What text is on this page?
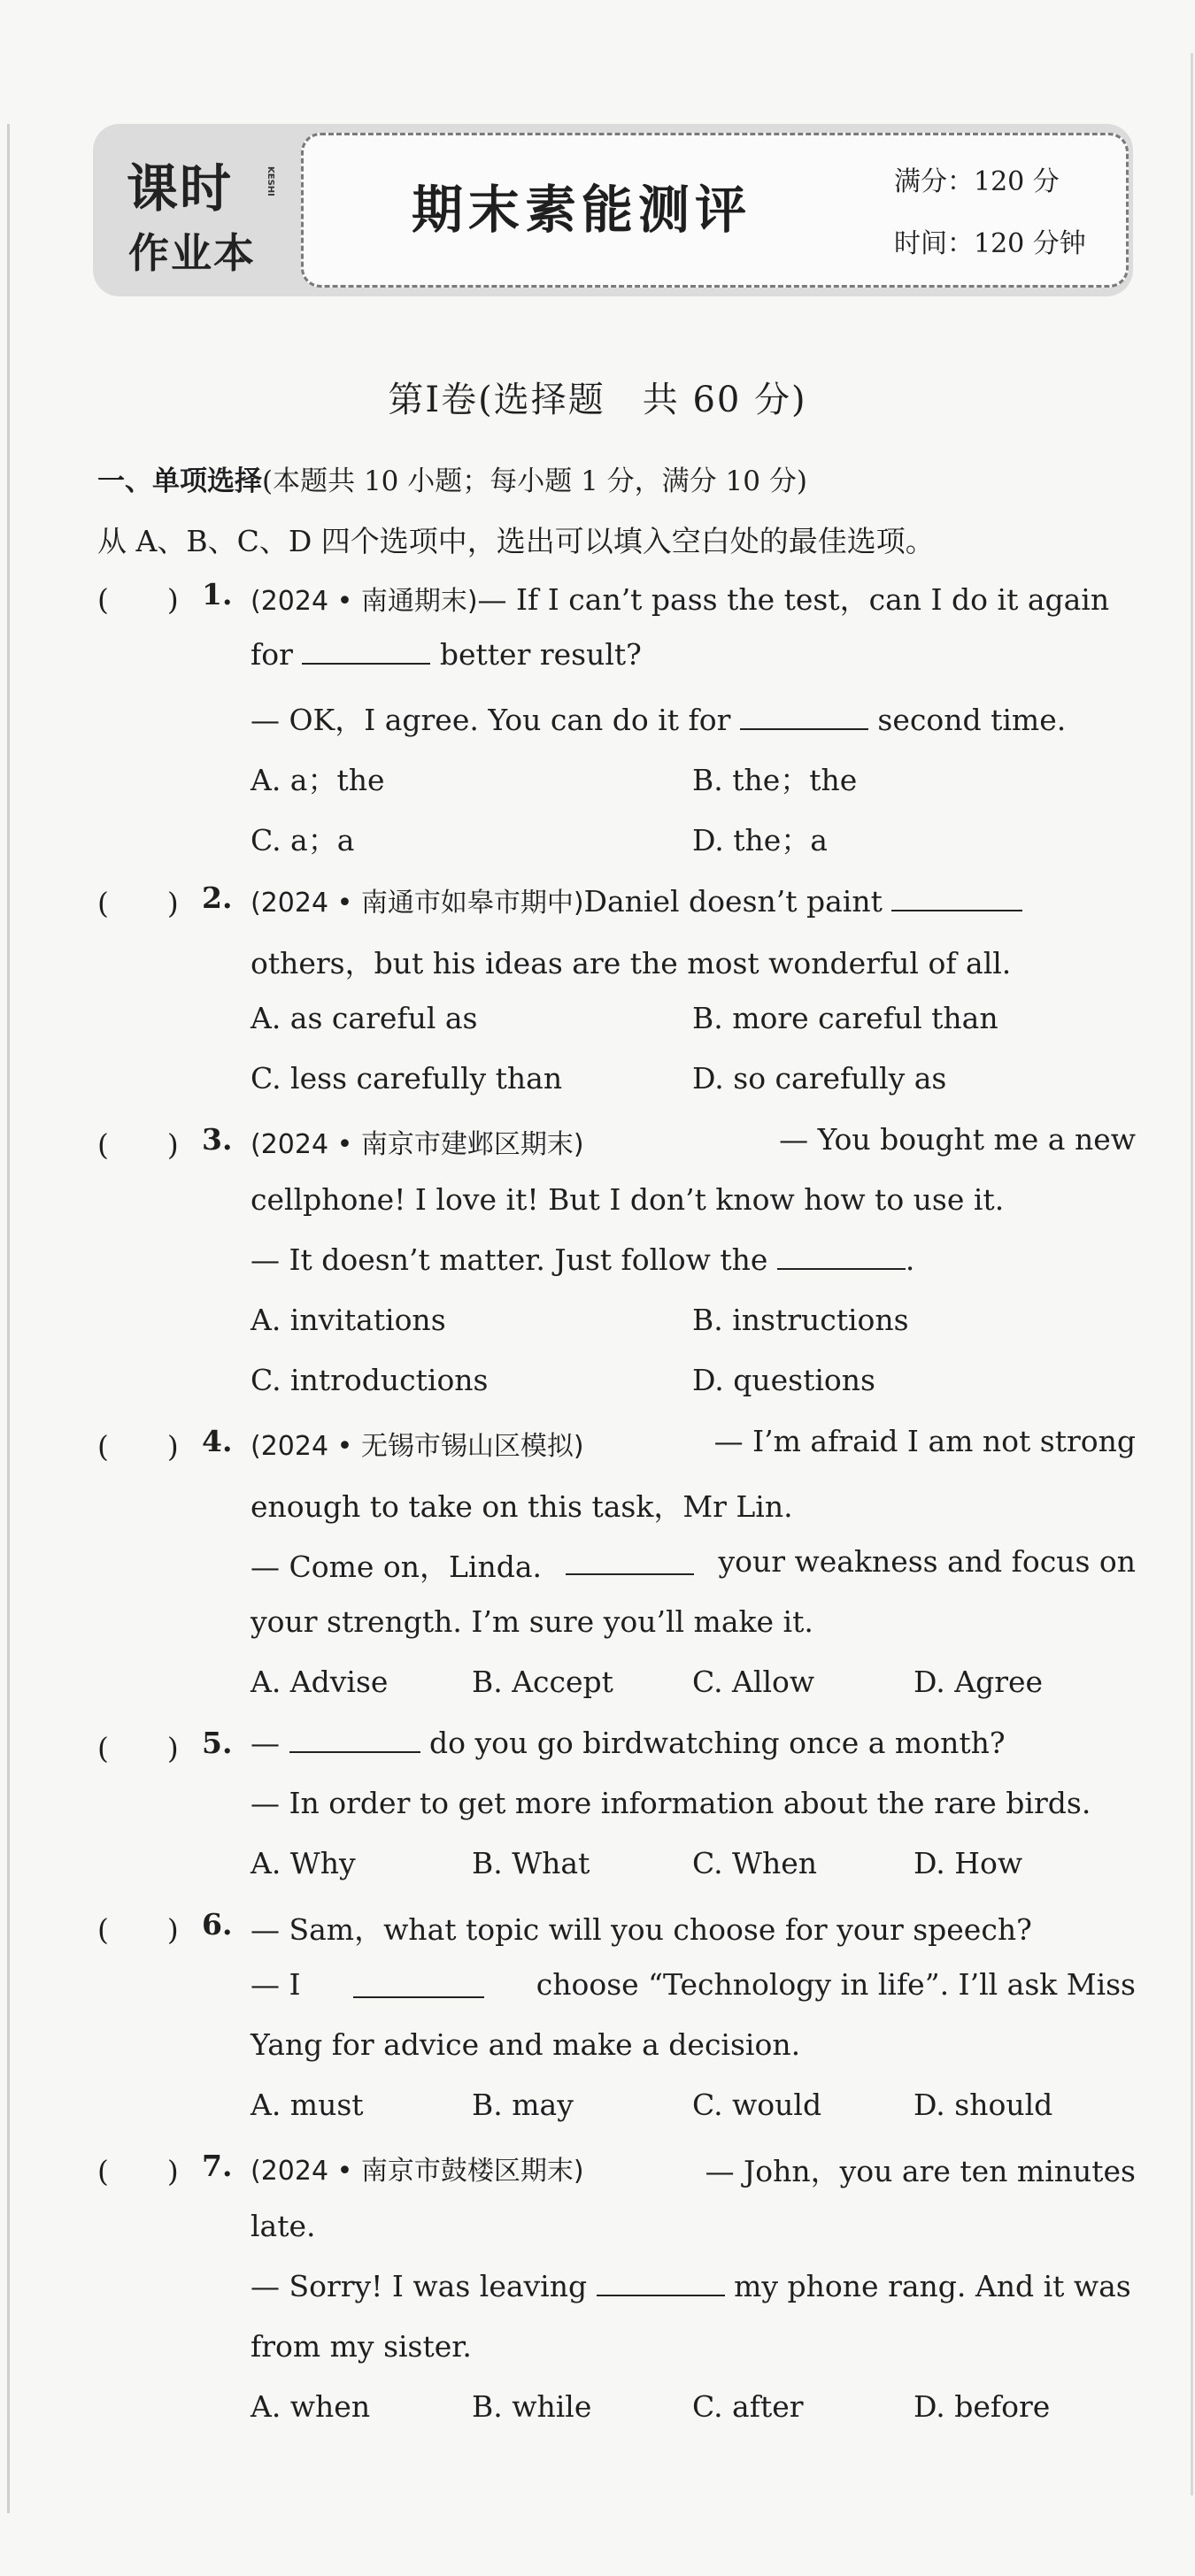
课时	KESHI
作业本
期末素能测评	满分：120 分
时间：120 分钟
第Ⅰ卷(选择题　共 60 分)
一、单项选择(本题共 10 小题；每小题 1 分，满分 10 分)
从 A、B、C、D 四个选项中，选出可以填入空白处的最佳选项。
(　　) 1. (2024 • 南通期末)— If I can’t pass the test，can I do it again
for	better result?
— OK，I agree. You can do it for	second time.
A. a；the	B. the；the
C. a；a	D. the；a
(　　) 2. (2024 • 南通市如皋市期中)Daniel doesn’t paint
others，but his ideas are the most wonderful of all.
A. as careful as	B. more careful than
C. less carefully than	D. so carefully as
(　　) 3. (2024 • 南京市建邺区期末)	— You bought me a new
cellphone! I love it! But I don’t know how to use it.
— It doesn’t matter. Just follow the	.
A. invitations	B. instructions
C. introductions	D. questions
(　　) 4. (2024 • 无锡市锡山区模拟)	— I’m afraid I am not strong
enough to take on this task，Mr Lin.
— Come on，Linda.	your weakness and focus on
your strength. I’m sure you’ll make it.
A. Advise	B. Accept	C. Allow	D. Agree
(　　) 5. —	do you go birdwatching once a month?
— In order to get more information about the rare birds.
A. Why	B. What	C. When	D. How
(　　) 6. — Sam，what topic will you choose for your speech?
— I	choose “Technology in life”. I’ll ask Miss
Yang for advice and make a decision.
A. must	B. may	C. would	D. should
(　　) 7. (2024 • 南京市鼓楼区期末)	— John，you are ten minutes
late.
— Sorry! I was leaving	my phone rang. And it was
from my sister.
A. when	B. while	C. after	D. before
